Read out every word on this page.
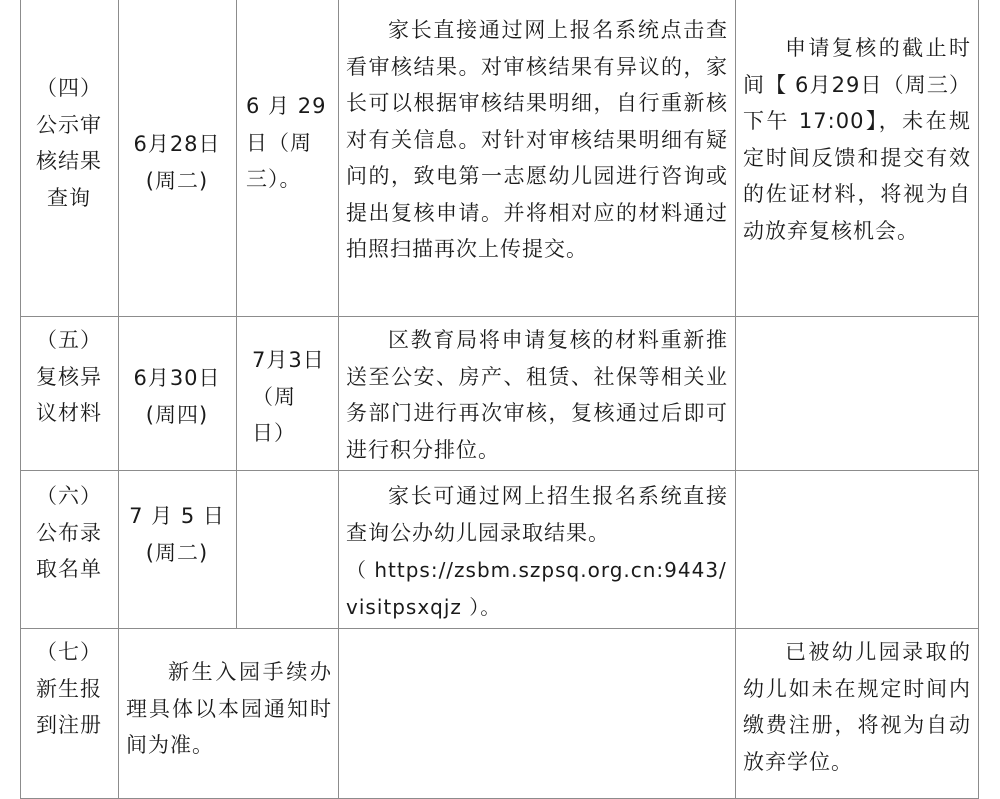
（四）公示审核结果查询
6月28日(周二)
6 月 29日（周三）。
家长直接通过网上报名系统点击查看审核结果。对审核结果有异议的，家长可以根据审核结果明细，自行重新核对有关信息。对针对审核结果明细有疑问的，致电第一志愿幼儿园进行咨询或提出复核申请。并将相对应的材料通过拍照扫描再次上传提交。
申请复核的截止时间【 6月29日（周三）下午 17:00】，未在规定时间反馈和提交有效的佐证材料，将视为自动放弃复核机会。
（五）复核异议材料
6月30日(周四)
7月3日（周日）
区教育局将申请复核的材料重新推送至公安、房产、租赁、社保等相关业务部门进行再次审核，复核通过后即可进行积分排位。
（六）公布录取名单
7 月 5 日(周二)
家长可通过网上招生报名系统直接查询公办幼儿园录取结果。
（ https://zsbm.szpsq.org.cn:9443/visitpsxqjz ）。
（七）新生报到注册
新生入园手续办理具体以本园通知时间为准。
已被幼儿园录取的幼儿如未在规定时间内缴费注册，将视为自动放弃学位。
